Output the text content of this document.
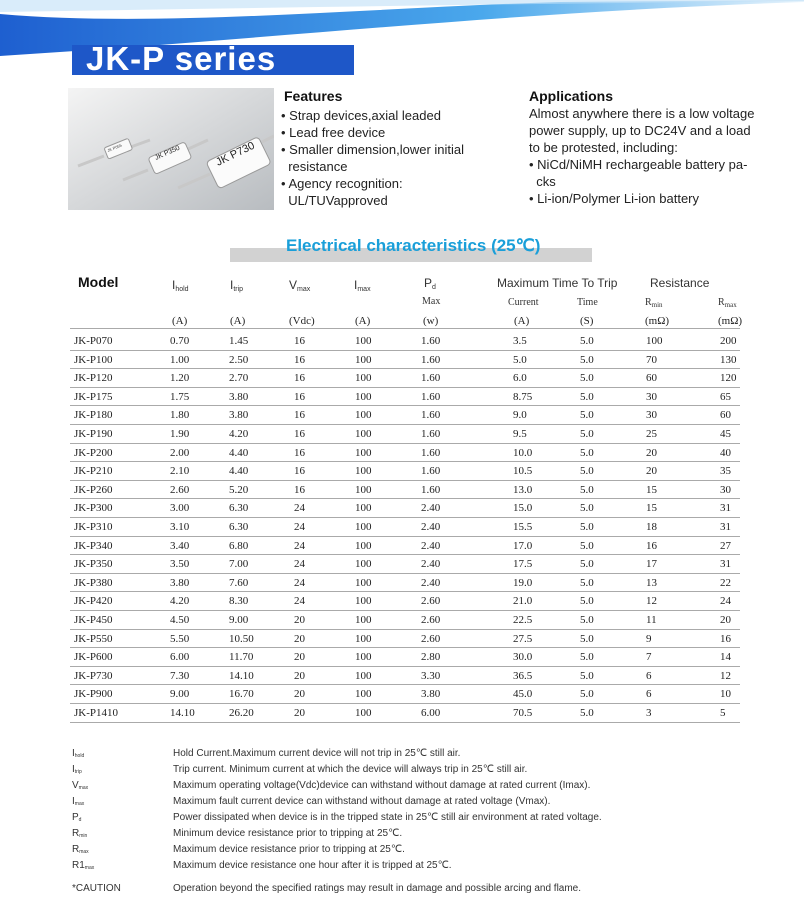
JK-P series
JK P730
JK P350
JK P055
Features
• Strap devices,axial leaded
• Lead free device
• Smaller dimension,lower initial
resistance
• Agency recognition:
UL/TUVapproved
Applications
Almost anywhere there is a low voltage
power supply, up to DC24V and a load
to be protested, including:
• NiCd/NiMH rechargeable battery pa-
cks
• Li-ion/Polymer Li-ion battery
Electrical characteristics (25℃)
Model	$I_{hold}$	$I_{trip}$	$V_{max}$	$I_{max}$	$P_d$
Max
Maximum Time To Trip
Current	Time
Resistance
$R_{min}$	$R_{max}$
(A)	(A)	(Vdc)	(A)	(w)	(A)	(S)	(mΩ)	(mΩ)
JK-P070	0.70	1.45	16	100	1.60	3.5	5.0	100	200
JK-P100	1.00	2.50	16	100	1.60	5.0	5.0	70	130
JK-P120	1.20	2.70	16	100	1.60	6.0	5.0	60	120
JK-P175	1.75	3.80	16	100	1.60	8.75	5.0	30	65
JK-P180	1.80	3.80	16	100	1.60	9.0	5.0	30	60
JK-P190	1.90	4.20	16	100	1.60	9.5	5.0	25	45
JK-P200	2.00	4.40	16	100	1.60	10.0	5.0	20	40
JK-P210	2.10	4.40	16	100	1.60	10.5	5.0	20	35
JK-P260	2.60	5.20	16	100	1.60	13.0	5.0	15	30
JK-P300	3.00	6.30	24	100	2.40	15.0	5.0	15	31
JK-P310	3.10	6.30	24	100	2.40	15.5	5.0	18	31
JK-P340	3.40	6.80	24	100	2.40	17.0	5.0	16	27
JK-P350	3.50	7.00	24	100	2.40	17.5	5.0	17	31
JK-P380	3.80	7.60	24	100	2.40	19.0	5.0	13	22
JK-P420	4.20	8.30	24	100	2.60	21.0	5.0	12	24
JK-P450	4.50	9.00	20	100	2.60	22.5	5.0	11	20
JK-P550	5.50	10.50	20	100	2.60	27.5	5.0	9	16
JK-P600	6.00	11.70	20	100	2.80	30.0	5.0	7	14
JK-P730	7.30	14.10	20	100	3.30	36.5	5.0	6	12
JK-P900	9.00	16.70	20	100	3.80	45.0	5.0	6	10
JK-P1410	14.10	26.20	20	100	6.00	70.5	5.0	3	5
$I_{hold}$	Hold Current.Maximum current device will not trip in 25℃ still air.
$I_{trip}$	Trip current. Minimum current at which the device will always trip in 25℃ still air.
$V_{max}$	Maximum operating voltage(Vdc)device can withstand without damage at rated current (Imax).
$I_{max}$	Maximum fault current device can withstand without damage at rated voltage (Vmax).
$P_d$	Power dissipated when device is in the tripped state in 25℃ still air environment at rated voltage.
$R_{min}$	Minimum device resistance prior to tripping at 25℃.
$R_{max}$	Maximum device resistance prior to tripping at 25℃.
$R1_{max}$	Maximum device resistance one hour after it is tripped at 25℃.
*CAUTION	Operation beyond the specified ratings may result in damage and possible arcing and flame.
